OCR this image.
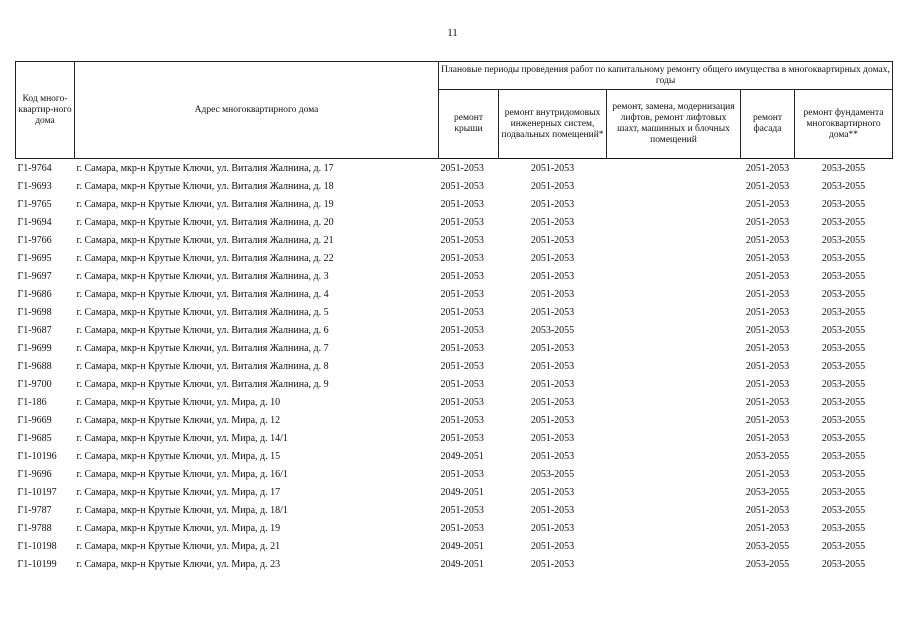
11
Код много-квартир-ного дома	Адрес многоквартирного дома	Плановые периоды проведения работ по капитальному ремонту общего имущества в многоквартирных домах, годы				
		ремонт крыши	ремонт внутридомовых инженерных систем, подвальных помещений*	ремонт, замена, модернизация лифтов, ремонт лифтовых шахт, машинных и блочных помещений	ремонт фасада	ремонт фундамента многоквартирного дома**
Г1-9764	г. Самара, мкр-н Крутые Ключи, ул. Виталия Жалнина, д. 17	2051-2053	2051-2053		2051-2053	2053-2055
Г1-9693	г. Самара, мкр-н Крутые Ключи, ул. Виталия Жалнина, д. 18	2051-2053	2051-2053		2051-2053	2053-2055
Г1-9765	г. Самара, мкр-н Крутые Ключи, ул. Виталия Жалнина, д. 19	2051-2053	2051-2053		2051-2053	2053-2055
Г1-9694	г. Самара, мкр-н Крутые Ключи, ул. Виталия Жалнина, д. 20	2051-2053	2051-2053		2051-2053	2053-2055
Г1-9766	г. Самара, мкр-н Крутые Ключи, ул. Виталия Жалнина, д. 21	2051-2053	2051-2053		2051-2053	2053-2055
Г1-9695	г. Самара, мкр-н Крутые Ключи, ул. Виталия Жалнина, д. 22	2051-2053	2051-2053		2051-2053	2053-2055
Г1-9697	г. Самара, мкр-н Крутые Ключи, ул. Виталия Жалнина, д. 3	2051-2053	2051-2053		2051-2053	2053-2055
Г1-9686	г. Самара, мкр-н Крутые Ключи, ул. Виталия Жалнина, д. 4	2051-2053	2051-2053		2051-2053	2053-2055
Г1-9698	г. Самара, мкр-н Крутые Ключи, ул. Виталия Жалнина, д. 5	2051-2053	2051-2053		2051-2053	2053-2055
Г1-9687	г. Самара, мкр-н Крутые Ключи, ул. Виталия Жалнина, д. 6	2051-2053	2053-2055		2051-2053	2053-2055
Г1-9699	г. Самара, мкр-н Крутые Ключи, ул. Виталия Жалнина, д. 7	2051-2053	2051-2053		2051-2053	2053-2055
Г1-9688	г. Самара, мкр-н Крутые Ключи, ул. Виталия Жалнина, д. 8	2051-2053	2051-2053		2051-2053	2053-2055
Г1-9700	г. Самара, мкр-н Крутые Ключи, ул. Виталия Жалнина, д. 9	2051-2053	2051-2053		2051-2053	2053-2055
Г1-186	г. Самара, мкр-н Крутые Ключи, ул. Мира, д. 10	2051-2053	2051-2053		2051-2053	2053-2055
Г1-9669	г. Самара, мкр-н Крутые Ключи, ул. Мира, д. 12	2051-2053	2051-2053		2051-2053	2053-2055
Г1-9685	г. Самара, мкр-н Крутые Ключи, ул. Мира, д. 14/1	2051-2053	2051-2053		2051-2053	2053-2055
Г1-10196	г. Самара, мкр-н Крутые Ключи, ул. Мира, д. 15	2049-2051	2051-2053		2053-2055	2053-2055
Г1-9696	г. Самара, мкр-н Крутые Ключи, ул. Мира, д. 16/1	2051-2053	2053-2055		2051-2053	2053-2055
Г1-10197	г. Самара, мкр-н Крутые Ключи, ул. Мира, д. 17	2049-2051	2051-2053		2053-2055	2053-2055
Г1-9787	г. Самара, мкр-н Крутые Ключи, ул. Мира, д. 18/1	2051-2053	2051-2053		2051-2053	2053-2055
Г1-9788	г. Самара, мкр-н Крутые Ключи, ул. Мира, д. 19	2051-2053	2051-2053		2051-2053	2053-2055
Г1-10198	г. Самара, мкр-н Крутые Ключи, ул. Мира, д. 21	2049-2051	2051-2053		2053-2055	2053-2055
Г1-10199	г. Самара, мкр-н Крутые Ключи, ул. Мира, д. 23	2049-2051	2051-2053		2053-2055	2053-2055
